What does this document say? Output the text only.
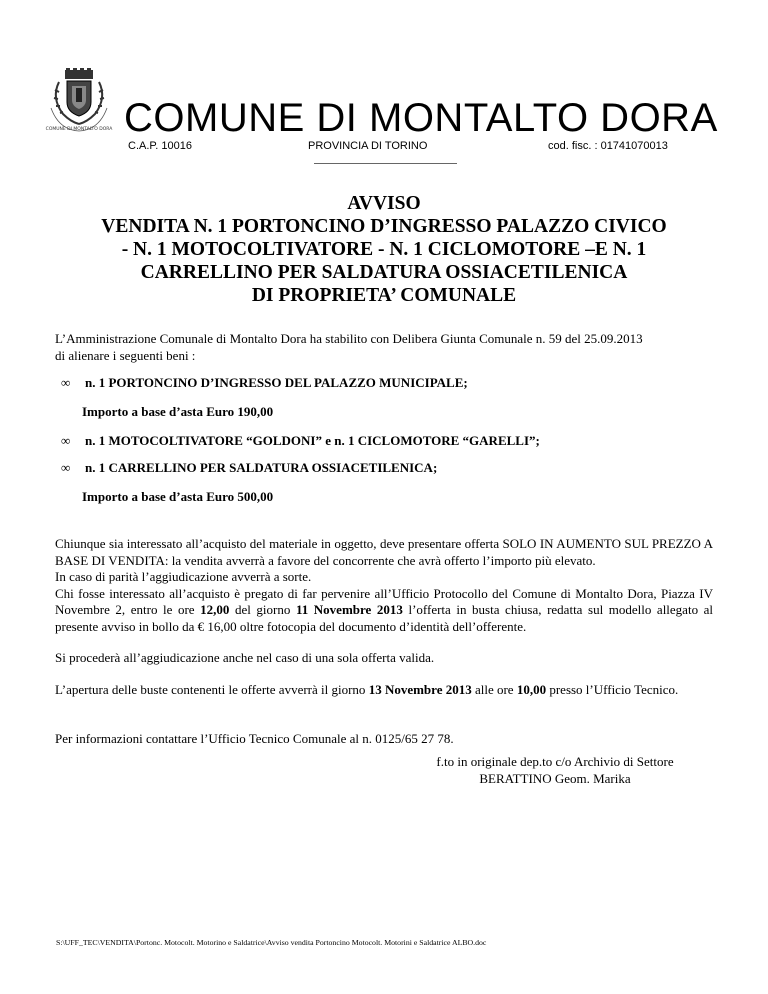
COMUNE DI MONTALTO DORA COMUNE DI MONTALTO DORA
C.A.P. 10016	PROVINCIA DI TORINO	cod. fisc. : 01741070013
AVVISO
VENDITA N. 1 PORTONCINO D’INGRESSO PALAZZO CIVICO
- N. 1 MOTOCOLTIVATORE - N. 1 CICLOMOTORE –E N. 1
CARRELLINO PER SALDATURA OSSIACETILENICA
DI PROPRIETA’ COMUNALE
L’Amministrazione Comunale di Montalto Dora ha stabilito con Delibera Giunta Comunale n. 59 del 25.09.2013
di alienare i seguenti beni :
∞ n. 1 PORTONCINO D’INGRESSO DEL PALAZZO MUNICIPALE;
Importo a base d’asta Euro 190,00
∞ n. 1 MOTOCOLTIVATORE “GOLDONI” e n. 1 CICLOMOTORE “GARELLI”;
∞ n. 1 CARRELLINO PER SALDATURA OSSIACETILENICA;
Importo a base d’asta Euro 500,00
Chiunque sia interessato all’acquisto del materiale in oggetto, deve presentare offerta SOLO IN AUMENTO SUL PREZZO A BASE DI VENDITA: la vendita avverrà a favore del concorrente che avrà offerto l’importo più elevato.
In caso di parità l’aggiudicazione avverrà a sorte.
Chi fosse interessato all’acquisto è pregato di far pervenire all’Ufficio Protocollo del Comune di Montalto Dora, Piazza IV Novembre 2, entro le ore 12,00 del giorno 11 Novembre 2013 l’offerta in busta chiusa, redatta sul modello allegato al presente avviso in bollo da € 16,00 oltre fotocopia del documento d’identità dell’offerente.
Si procederà all’aggiudicazione anche nel caso di una sola offerta valida.
L’apertura delle buste contenenti le offerte avverrà il giorno 13 Novembre 2013 alle ore 10,00 presso l’Ufficio Tecnico.
Per informazioni contattare l’Ufficio Tecnico Comunale al n. 0125/65 27 78.
f.to in originale dep.to c/o Archivio di Settore
BERATTINO Geom. Marika
S:\UFF_TEC\VENDITA\Portonc. Motocolt. Motorino e Saldatrice\Avviso vendita Portoncino Motocolt. Motorini e Saldatrice ALBO.doc
